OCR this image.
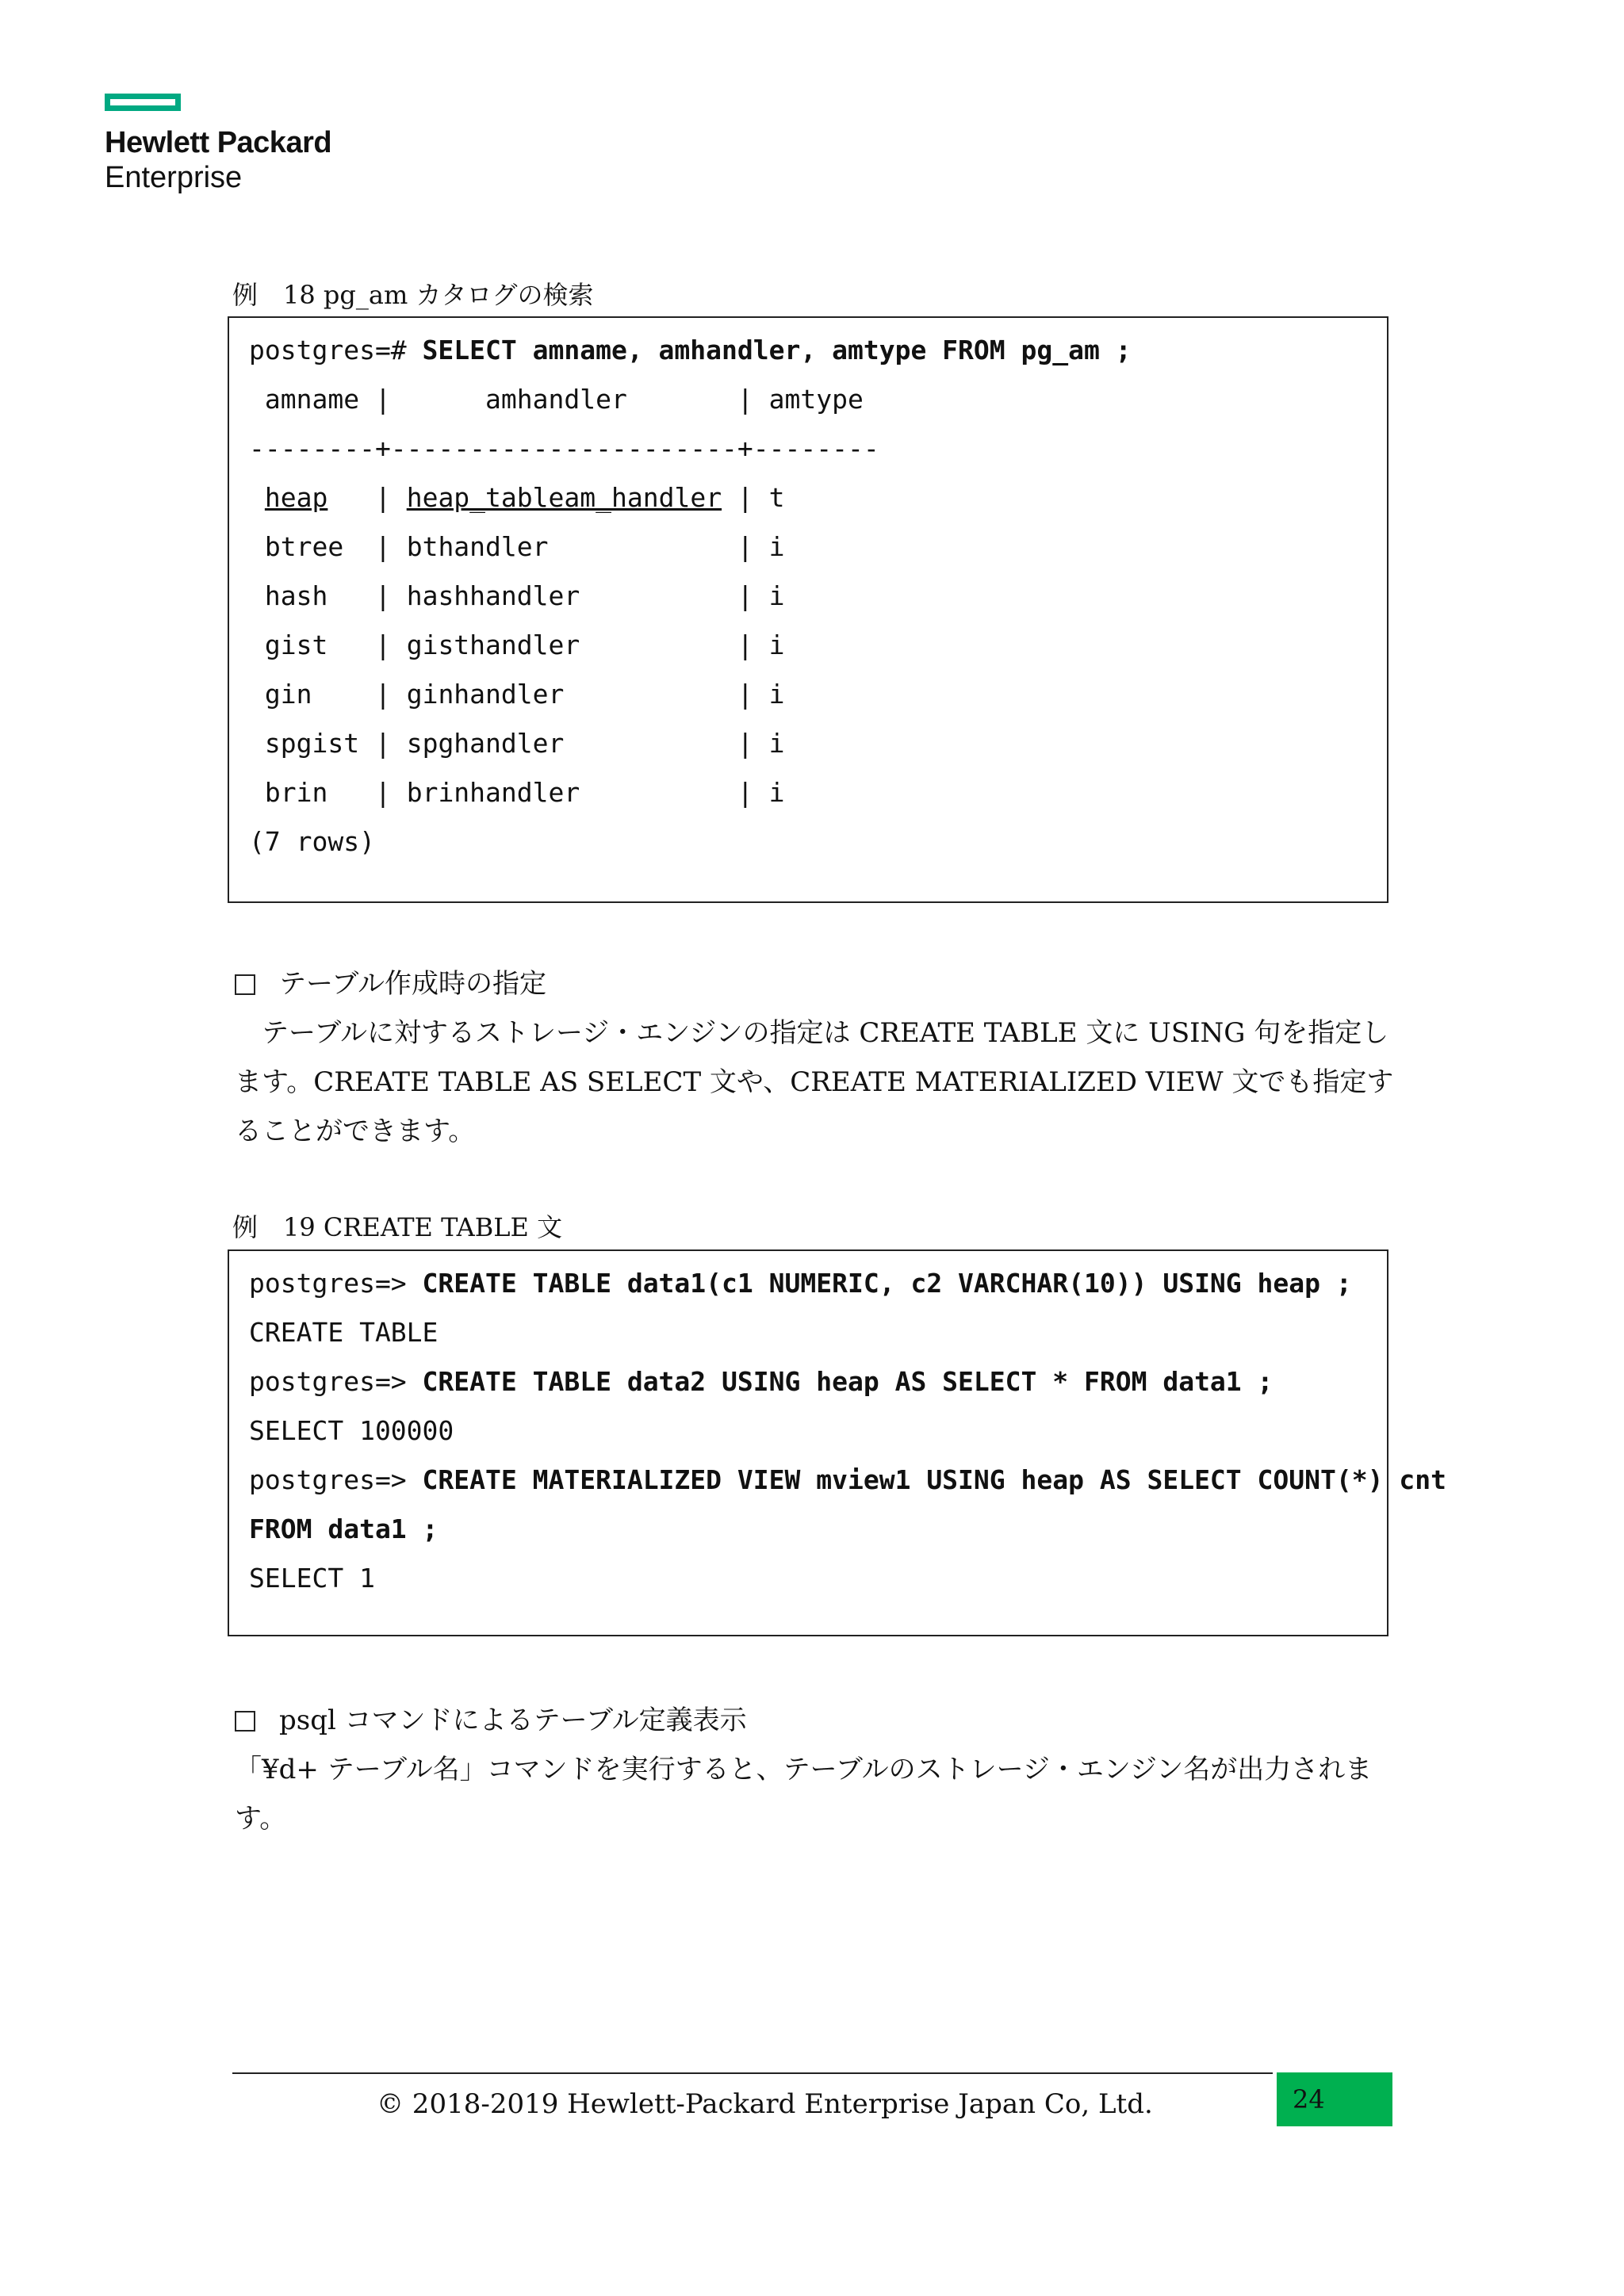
Hewlett Packard
Enterprise
例　18 pg_am カタログの検索
postgres=# SELECT amname, amhandler, amtype FROM pg_am ;
amname |      amhandler       | amtype
--------+----------------------+--------
heap   | heap_tableam_handler | t
btree  | bthandler            | i
hash   | hashhandler          | i
gist   | gisthandler          | i
gin    | ginhandler           | i
spgist | spghandler           | i
brin   | brinhandler          | i
(7 rows)
テーブル作成時の指定
テーブルに対するストレージ・エンジンの指定は CREATE TABLE 文に USING 句を指定します。CREATE TABLE AS SELECT 文や、CREATE MATERIALIZED VIEW 文でも指定することができます。
例　19 CREATE TABLE 文
postgres=> CREATE TABLE data1(c1 NUMERIC, c2 VARCHAR(10)) USING heap ;
CREATE TABLE
postgres=> CREATE TABLE data2 USING heap AS SELECT * FROM data1 ;
SELECT 100000
postgres=> CREATE MATERIALIZED VIEW mview1 USING heap AS SELECT COUNT(*) cnt
FROM data1 ;
SELECT 1
psql コマンドによるテーブル定義表示
「¥d+ テーブル名」コマンドを実行すると、テーブルのストレージ・エンジン名が出力されます。
© 2018-2019 Hewlett-Packard Enterprise Japan Co, Ltd.	24
